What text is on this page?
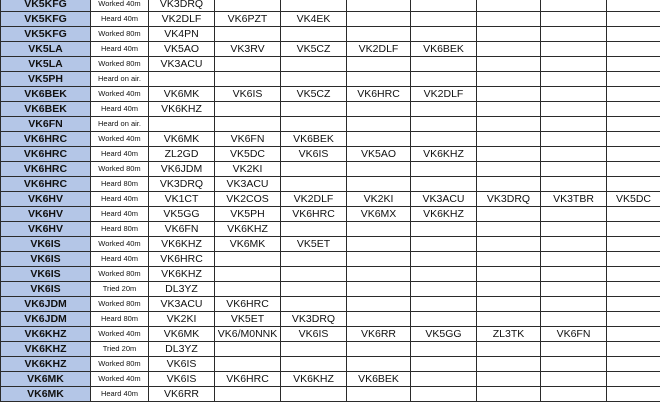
VK5KFG	Worked 40m	VK3DRQ							
VK5KFG	Heard 40m	VK2DLF	VK6PZT	VK4EK					
VK5KFG	Worked 80m	VK4PN							
VK5LA	Heard 40m	VK5AO	VK3RV	VK5CZ	VK2DLF	VK6BEK			
VK5LA	Worked 80m	VK3ACU							
VK5PH	Heard on air.								
VK6BEK	Worked 40m	VK6MK	VK6IS	VK5CZ	VK6HRC	VK2DLF			
VK6BEK	Heard 40m	VK6KHZ							
VK6FN	Heard on air.								
VK6HRC	Worked 40m	VK6MK	VK6FN	VK6BEK					
VK6HRC	Heard 40m	ZL2GD	VK5DC	VK6IS	VK5AO	VK6KHZ			
VK6HRC	Worked 80m	VK6JDM	VK2KI						
VK6HRC	Heard 80m	VK3DRQ	VK3ACU						
VK6HV	Heard 40m	VK1CT	VK2COS	VK2DLF	VK2KI	VK3ACU	VK3DRQ	VK3TBR	VK5DC
VK6HV	Heard 40m	VK5GG	VK5PH	VK6HRC	VK6MX	VK6KHZ			
VK6HV	Heard 80m	VK6FN	VK6KHZ						
VK6IS	Worked 40m	VK6KHZ	VK6MK	VK5ET					
VK6IS	Heard 40m	VK6HRC							
VK6IS	Worked 80m	VK6KHZ							
VK6IS	Tried 20m	DL3YZ							
VK6JDM	Worked 80m	VK3ACU	VK6HRC						
VK6JDM	Heard 80m	VK2KI	VK5ET	VK3DRQ					
VK6KHZ	Worked 40m	VK6MK	VK6/M0NNK	VK6IS	VK6RR	VK5GG	ZL3TK	VK6FN	
VK6KHZ	Tried 20m	DL3YZ							
VK6KHZ	Worked 80m	VK6IS							
VK6MK	Worked 40m	VK6IS	VK6HRC	VK6KHZ	VK6BEK				
VK6MK	Heard 40m	VK6RR							
